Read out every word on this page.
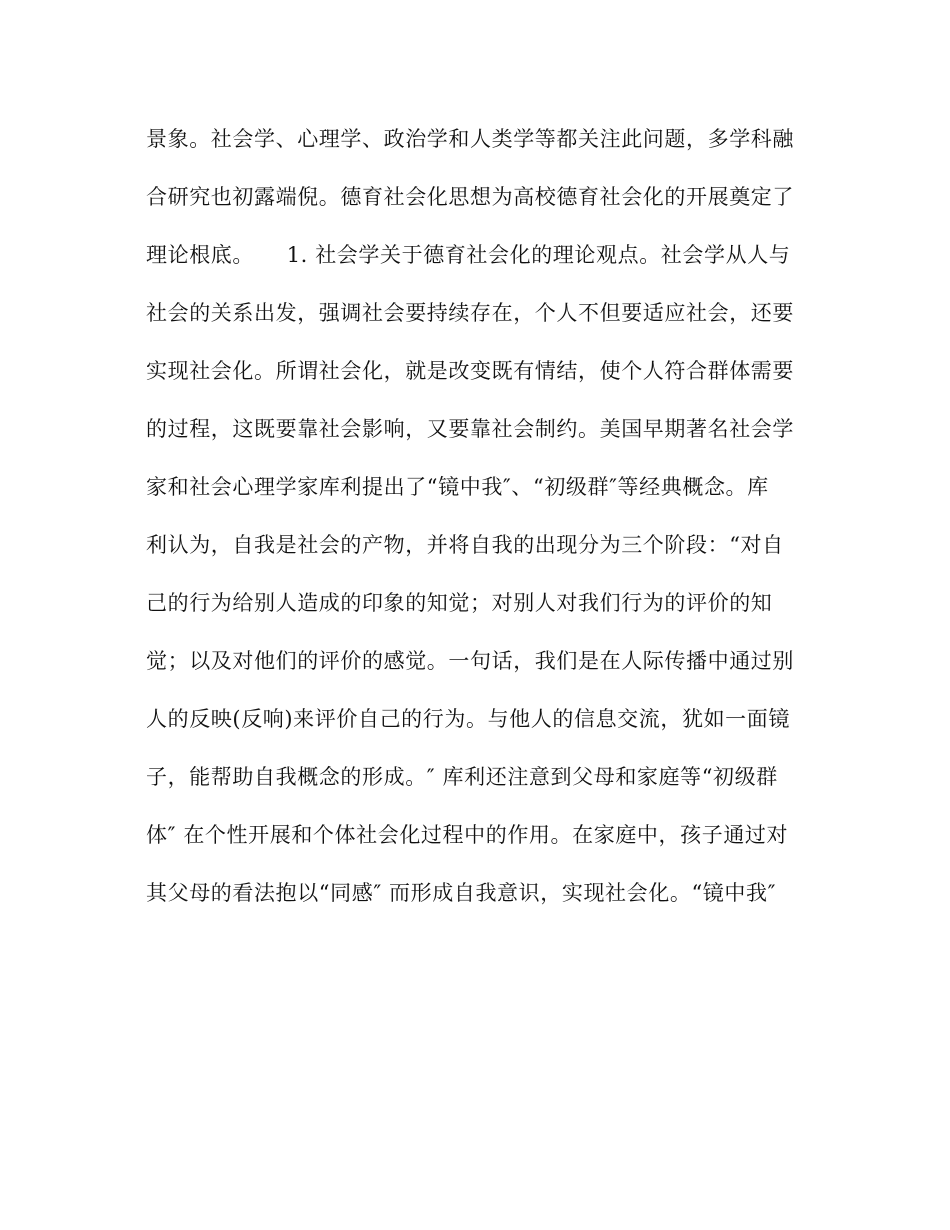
景象。社会学、心理学、政治学和人类学等都关注此问题，多学科融
合研究也初露端倪。德育社会化思想为高校德育社会化的开展奠定了
理论根底。　　1. 社会学关于德育社会化的理论观点。社会学从人与
社会的关系出发，强调社会要持续存在，个人不但要适应社会，还要
实现社会化。所谓社会化，就是改变既有情结，使个人符合群体需要
的过程，这既要靠社会影响，又要靠社会制约。美国早期著名社会学
家和社会心理学家库利提出了“镜中我″、“初级群″等经典概念。库
利认为，自我是社会的产物，并将自我的出现分为三个阶段：“对自
己的行为给别人造成的印象的知觉；对别人对我们行为的评价的知
觉；以及对他们的评价的感觉。一句话，我们是在人际传播中通过别
人的反映(反响)来评价自己的行为。与他人的信息交流，犹如一面镜
子，能帮助自我概念的形成。″ 库利还注意到父母和家庭等“初级群
体″ 在个性开展和个体社会化过程中的作用。在家庭中，孩子通过对
其父母的看法抱以“同感″ 而形成自我意识，实现社会化。“镜中我″
